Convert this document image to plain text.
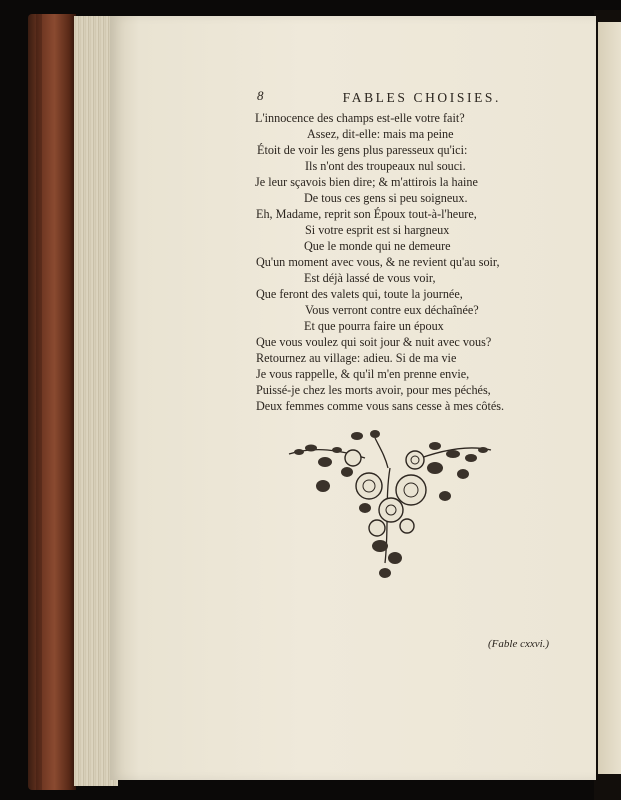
8	FABLES CHOISIES.
L'innocence des champs est-elle votre fait?
Assez, dit-elle: mais ma peine
Étoit de voir les gens plus paresseux qu'ici:
Ils n'ont des troupeaux nul souci.
Je leur sçavois bien dire; & m'attirois la haine
De tous ces gens si peu soigneux.
Eh, Madame, reprit son Époux tout-à-l'heure,
Si votre esprit est si hargneux
Que le monde qui ne demeure
Qu'un moment avec vous, & ne revient qu'au soir,
Est déjà lassé de vous voir,
Que feront des valets qui, toute la journée,
Vous verront contre eux déchaînée?
Et que pourra faire un époux
Que vous voulez qui soit jour & nuit avec vous?
Retournez au village: adieu. Si de ma vie
Je vous rappelle, & qu'il m'en prenne envie,
Puissé-je chez les morts avoir, pour mes péchés,
Deux femmes comme vous sans cesse à mes côtés.
(Fable cxxvi.)
